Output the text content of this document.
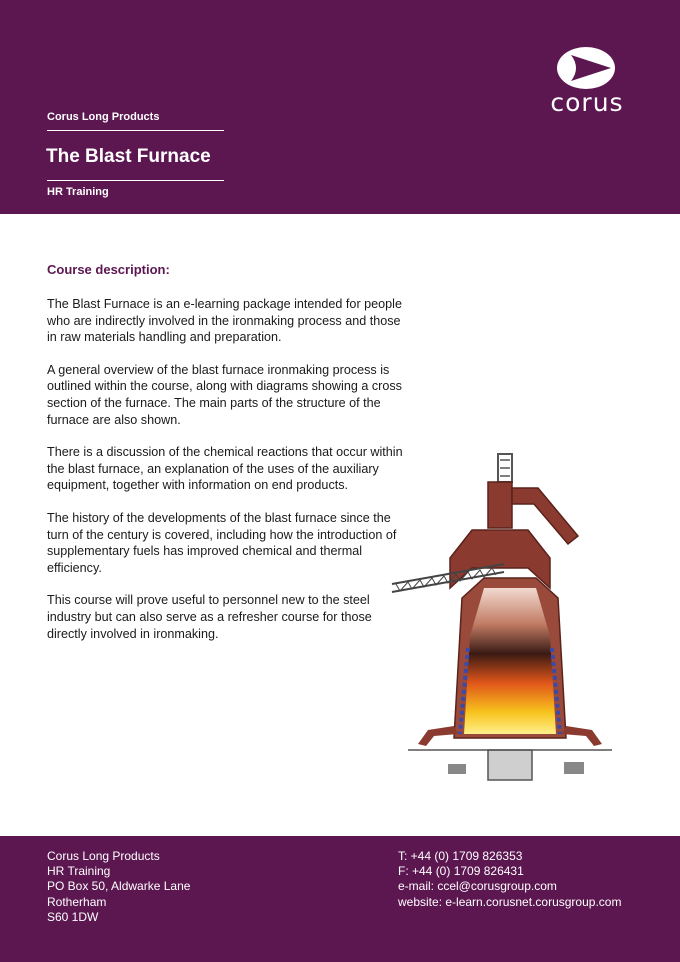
Corus Long Products
The Blast Furnace
HR Training
corus
Course description:

The Blast Furnace is an e-learning package intended for people who are indirectly involved in the ironmaking process and those in raw materials handling and preparation.

A general overview of the blast furnace ironmaking process is outlined within the course, along with diagrams showing a cross section of the furnace. The main parts of the structure of the furnace are also shown.

There is a discussion of the chemical reactions that occur within the blast furnace, an explanation of the uses of the auxiliary equipment, together with information on end products.

The history of the developments of the blast furnace since the turn of the century is covered, including how the introduction of supplementary fuels has improved chemical and thermal efficiency.

This course will prove useful to personnel new to the steel industry but can also serve as a refresher course for those directly involved in ironmaking.

Corus Long Products
HR Training
PO Box 50, Aldwarke Lane
Rotherham
S60 1DW
T: +44 (0) 1709 826353
F: +44 (0) 1709 826431
e-mail: ccel@corusgroup.com
website: e-learn.corusnet.corusgroup.com
